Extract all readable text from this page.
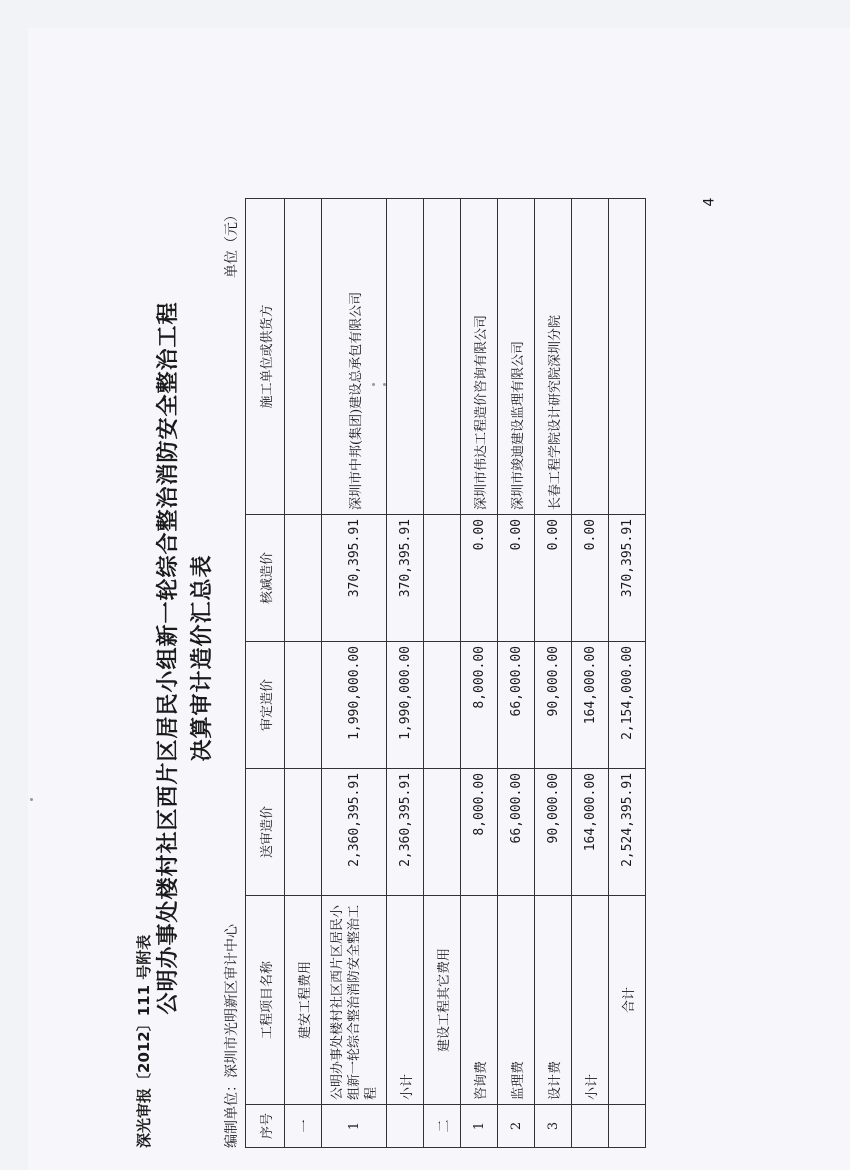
4
深光审报〔2012〕111 号附表
公明办事处楼村社区西片区居民小组新一轮综合整治消防安全整治工程 决算审计造价汇总表
编制单位：深圳市光明新区审计中心
单位（元）
序号	工程项目名称	送审造价	审定造价	核减造价	施工单位或供货方
一	建安工程费用				
1	公明办事处楼村社区西片区居民小组新一轮综合整治消防安全整治工程	2,360,395.91	1,990,000.00	370,395.91	深圳市中邦(集团)建设总承包有限公司
	小计	2,360,395.91	1,990,000.00	370,395.91	
二	建设工程其它费用				
1	咨询费	8,000.00	8,000.00	0.00	深圳市伟达工程造价咨询有限公司
2	监理费	66,000.00	66,000.00	0.00	深圳市竣迪建设监理有限公司
3	设计费	90,000.00	90,000.00	0.00	长春工程学院设计研究院深圳分院
	小计	164,000.00	164,000.00	0.00	
	合计	2,524,395.91	2,154,000.00	370,395.91	
